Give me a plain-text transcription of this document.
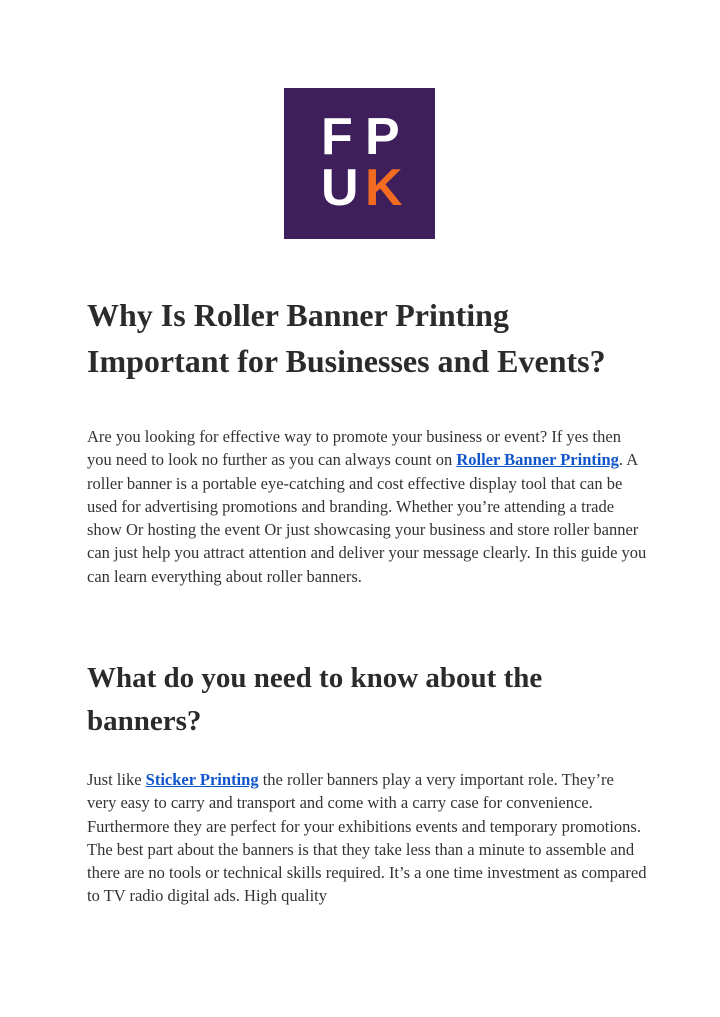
F P
U K
Why Is Roller Banner Printing Important for Businesses and Events?

Are you looking for effective way to promote your business or event? If yes then you need to look no further as you can always count on Roller Banner Printing. A roller banner is a portable eye-catching and cost effective display tool that can be used for advertising promotions and branding. Whether you’re attending a trade show Or hosting the event Or just showcasing your business and store roller banner can just help you attract attention and deliver your message clearly. In this guide you can learn everything about roller banners.

What do you need to know about the banners?

Just like Sticker Printing the roller banners play a very important role. They’re very easy to carry and transport and come with a carry case for convenience. Furthermore they are perfect for your exhibitions events and temporary promotions. The best part about the banners is that they take less than a minute to assemble and there are no tools or technical skills required. It’s a one time investment as compared to TV radio digital ads. High quality
